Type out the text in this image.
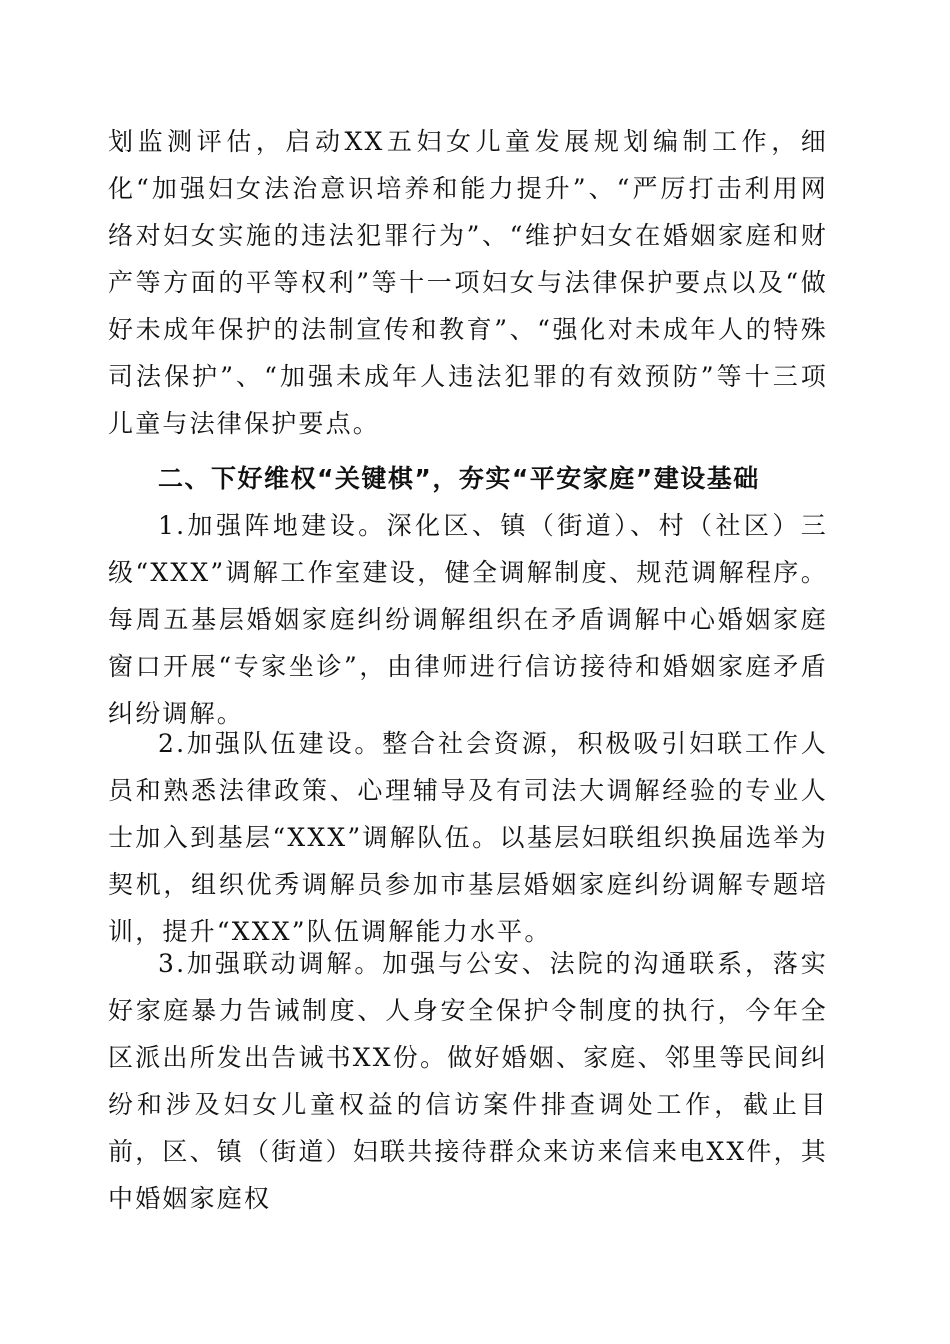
划监测评估，启动XX五妇女儿童发展规划编制工作，细化“加强妇女法治意识培养和能力提升”、“严厉打击利用网络对妇女实施的违法犯罪行为”、“维护妇女在婚姻家庭和财产等方面的平等权利”等十一项妇女与法律保护要点以及“做好未成年保护的法制宣传和教育”、“强化对未成年人的特殊司法保护”、“加强未成年人违法犯罪的有效预防”等十三项儿童与法律保护要点。

二、下好维权“关键棋”，夯实“平安家庭”建设基础

1.加强阵地建设。深化区、镇（街道）、村（社区）三级“XXX”调解工作室建设，健全调解制度、规范调解程序。每周五基层婚姻家庭纠纷调解组织在矛盾调解中心婚姻家庭窗口开展“专家坐诊”，由律师进行信访接待和婚姻家庭矛盾纠纷调解。

2.加强队伍建设。整合社会资源，积极吸引妇联工作人员和熟悉法律政策、心理辅导及有司法大调解经验的专业人士加入到基层“XXX”调解队伍。以基层妇联组织换届选举为契机，组织优秀调解员参加市基层婚姻家庭纠纷调解专题培训，提升“XXX”队伍调解能力水平。

3.加强联动调解。加强与公安、法院的沟通联系，落实好家庭暴力告诫制度、人身安全保护令制度的执行，今年全区派出所发出告诫书XX份。做好婚姻、家庭、邻里等民间纠纷和涉及妇女儿童权益的信访案件排查调处工作，截止目前，区、镇（街道）妇联共接待群众来访来信来电XX件，其中婚姻家庭权
